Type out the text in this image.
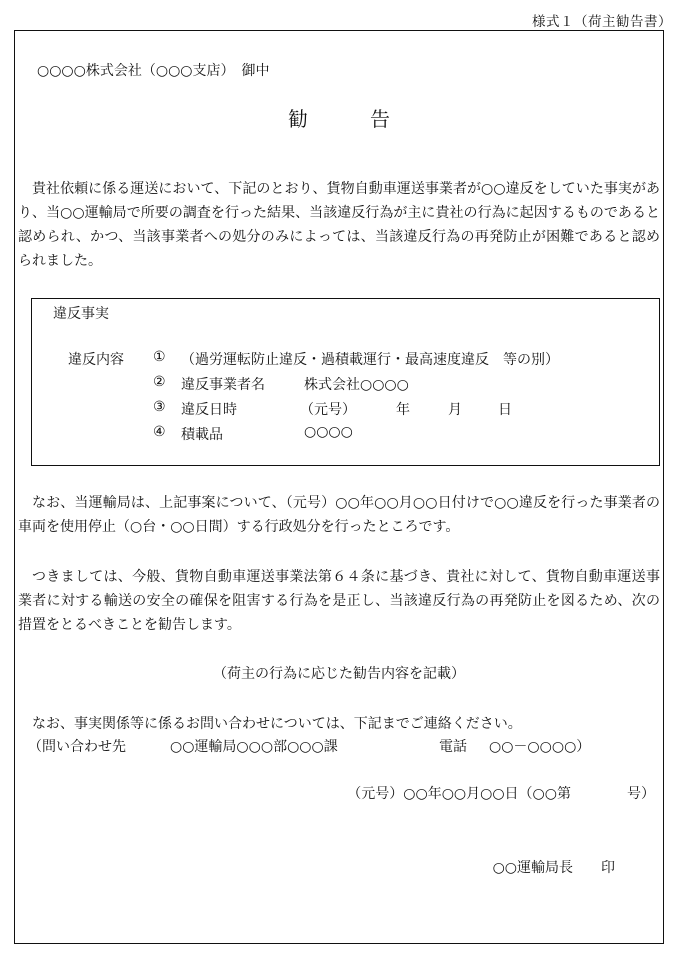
様式１（荷主勧告書）
○○○○株式会社（○○○支店）　御中
勧告

貴社依頼に係る運送において、下記のとおり、貨物自動車運送事業者が○○違反をしていた事実があり、当○○運輸局で所要の調査を行った結果、当該違反行為が主に貴社の行為に起因するものであると認められ、かつ、当該事業者への処分のみによっては、当該違反行為の再発防止が困難であると認められました。

違反事実
違反内容	① （過労運転防止違反・過積載運行・最高速度違反　等の別）
② 違反事業者名	株式会社○○○○
③ 違反日時	（元号）	年	月	日
④ 積載品	○○○○

なお、当運輸局は、上記事案について、（元号）○○年○○月○○日付けで○○違反を行った事業者の車両を使用停止（○台・○○日間）する行政処分を行ったところです。

つきましては、今般、貨物自動車運送事業法第６４条に基づき、貴社に対して、貨物自動車運送事業者に対する輸送の安全の確保を阻害する行為を是正し、当該違反行為の再発防止を図るため、次の措置をとるべきことを勧告します。

（荷主の行為に応じた勧告内容を記載）

なお、事実関係等に係るお問い合わせについては、下記までご連絡ください。

（問い合わせ先	○○運輸局○○○部○○○課	電話 ○○－○○○○）
（元号）○○年○○月○○日（○○第　　　　号）
○○運輸局長　　印
